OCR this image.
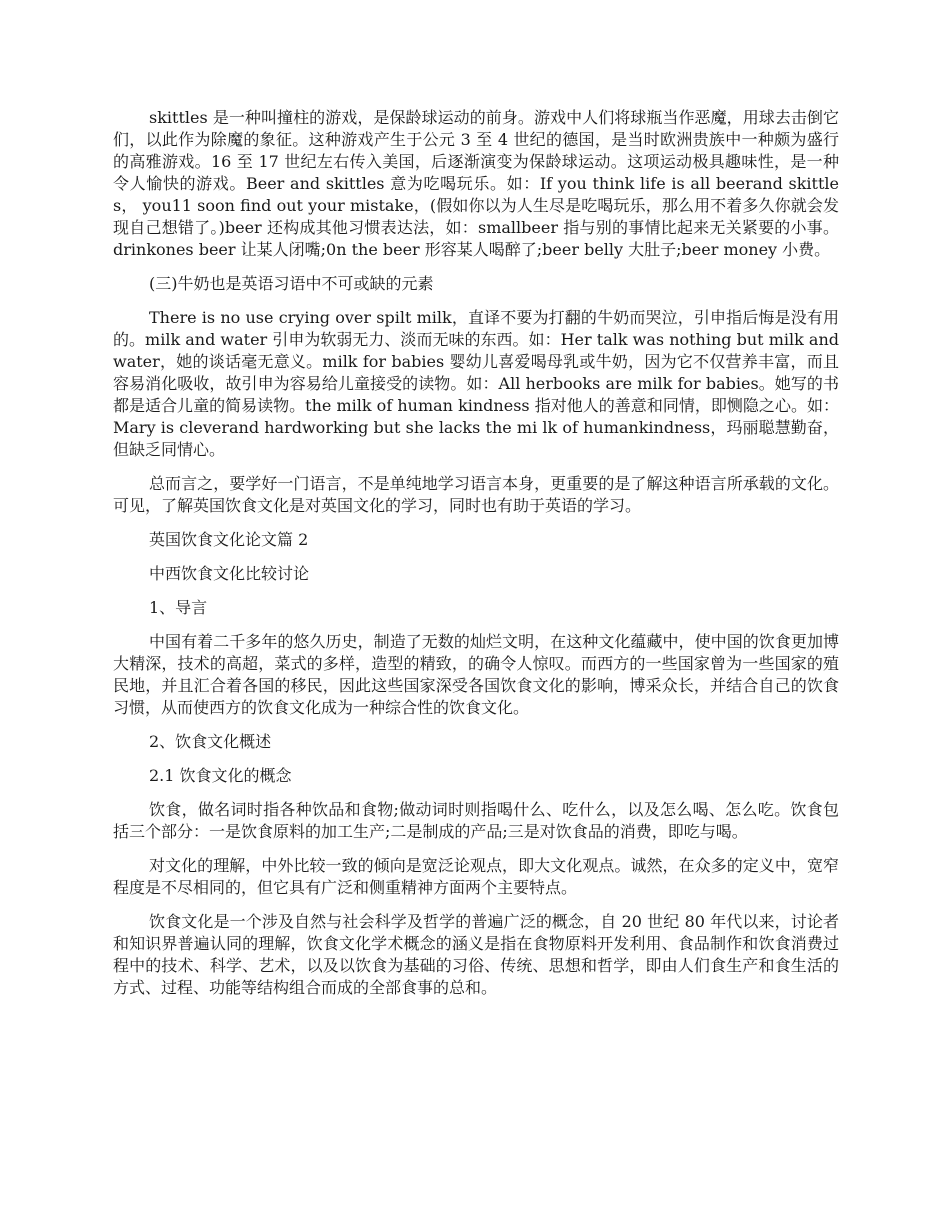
skittles 是一种叫撞柱的游戏，是保龄球运动的前身。游戏中人们将球瓶当作恶魔，用球去击倒它们，以此作为除魔的象征。这种游戏产生于公元 3 至 4 世纪的德国，是当时欧洲贵族中一种颇为盛行的高雅游戏。16 至 17 世纪左右传入美国，后逐渐演变为保龄球运动。这项运动极具趣味性，是一种令人愉快的游戏。Beer and skittles 意为吃喝玩乐。如：If you think life is all beerand skittles， you11 soon find out your mistake，(假如你以为人生尽是吃喝玩乐，那么用不着多久你就会发现自己想错了。)beer 还构成其他习惯表达法，如：smallbeer 指与别的事情比起来无关紧要的小事。drinkones beer 让某人闭嘴;0n the beer 形容某人喝醉了;beer belly 大肚子;beer money 小费。

(三)牛奶也是英语习语中不可或缺的元素

There is no use crying over spilt milk，直译不要为打翻的牛奶而哭泣，引申指后悔是没有用的。milk and water 引申为软弱无力、淡而无味的东西。如：Her talk was nothing but milk andwater，她的谈话毫无意义。milk for babies 婴幼儿喜爱喝母乳或牛奶，因为它不仅营养丰富，而且容易消化吸收，故引申为容易给儿童接受的读物。如：All herbooks are milk for babies。她写的书都是适合儿童的简易读物。the milk of human kindness 指对他人的善意和同情，即恻隐之心。如：Mary is cleverand hardworking but she lacks the mi lk of humankindness，玛丽聪慧勤奋，但缺乏同情心。

总而言之，要学好一门语言，不是单纯地学习语言本身，更重要的是了解这种语言所承载的文化。可见，了解英国饮食文化是对英国文化的学习，同时也有助于英语的学习。

英国饮食文化论文篇 2

中西饮食文化比较讨论

1、导言

中国有着二千多年的悠久历史，制造了无数的灿烂文明，在这种文化蕴藏中，使中国的饮食更加博大精深，技术的高超，菜式的多样，造型的精致，的确令人惊叹。而西方的一些国家曾为一些国家的殖民地，并且汇合着各国的移民，因此这些国家深受各国饮食文化的影响，博采众长，并结合自己的饮食习惯，从而使西方的饮食文化成为一种综合性的饮食文化。

2、饮食文化概述

2.1 饮食文化的概念

饮食，做名词时指各种饮品和食物;做动词时则指喝什么、吃什么，以及怎么喝、怎么吃。饮食包括三个部分：一是饮食原料的加工生产;二是制成的产品;三是对饮食品的消费，即吃与喝。

对文化的理解，中外比较一致的倾向是宽泛论观点，即大文化观点。诚然，在众多的定义中，宽窄程度是不尽相同的，但它具有广泛和侧重精神方面两个主要特点。

饮食文化是一个涉及自然与社会科学及哲学的普遍广泛的概念，自 20 世纪 80 年代以来，讨论者和知识界普遍认同的理解，饮食文化学术概念的涵义是指在食物原料开发利用、食品制作和饮食消费过程中的技术、科学、艺术，以及以饮食为基础的习俗、传统、思想和哲学，即由人们食生产和食生活的方式、过程、功能等结构组合而成的全部食事的总和。
